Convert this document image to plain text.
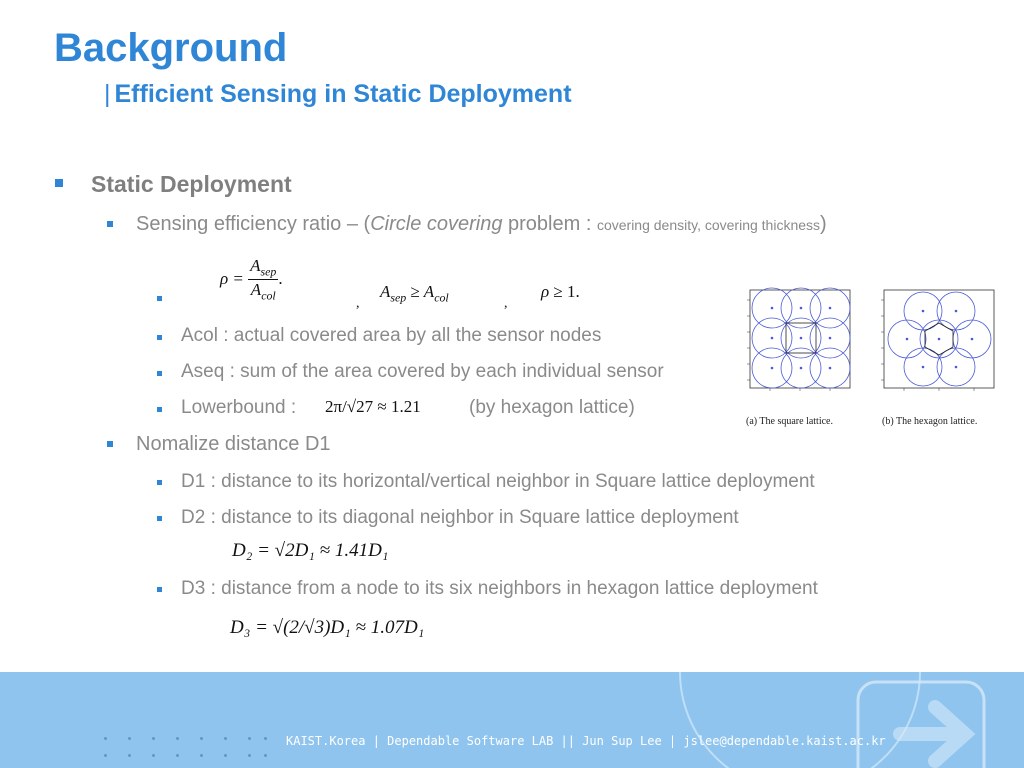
Background
| Efficient Sensing in Static Deployment
Static Deployment
Sensing efficiency ratio – (Circle covering problem : covering density, covering thickness)
$\rho = \frac{A_{sep}}{A_{col}}$ .
,
$A_{sep} \ge A_{col}$	,
ρ ≥ 1.
Acol : actual covered area by all the sensor nodes
Aseq : sum of the area covered by each individual sensor
Lowerbound : 2π/√27 ≈ 1.21	(by hexagon lattice)
Nomalize distance D1
D1 : distance to its horizontal/vertical neighbor in Square lattice deployment
D2 : distance to its diagonal neighbor in Square lattice deployment
D₂ = √2D₁ ≈ 1.41D₁
D3 : distance from a node to its six neighbors in hexagon lattice deployment
D₃ = √(2/√3)D₁ ≈ 1.07D₁
(a) The square lattice.	(b) The hexagon lattice.
KAIST.Korea | Dependable Software LAB || Jun Sup Lee | jslee@dependable.kaist.ac.kr
